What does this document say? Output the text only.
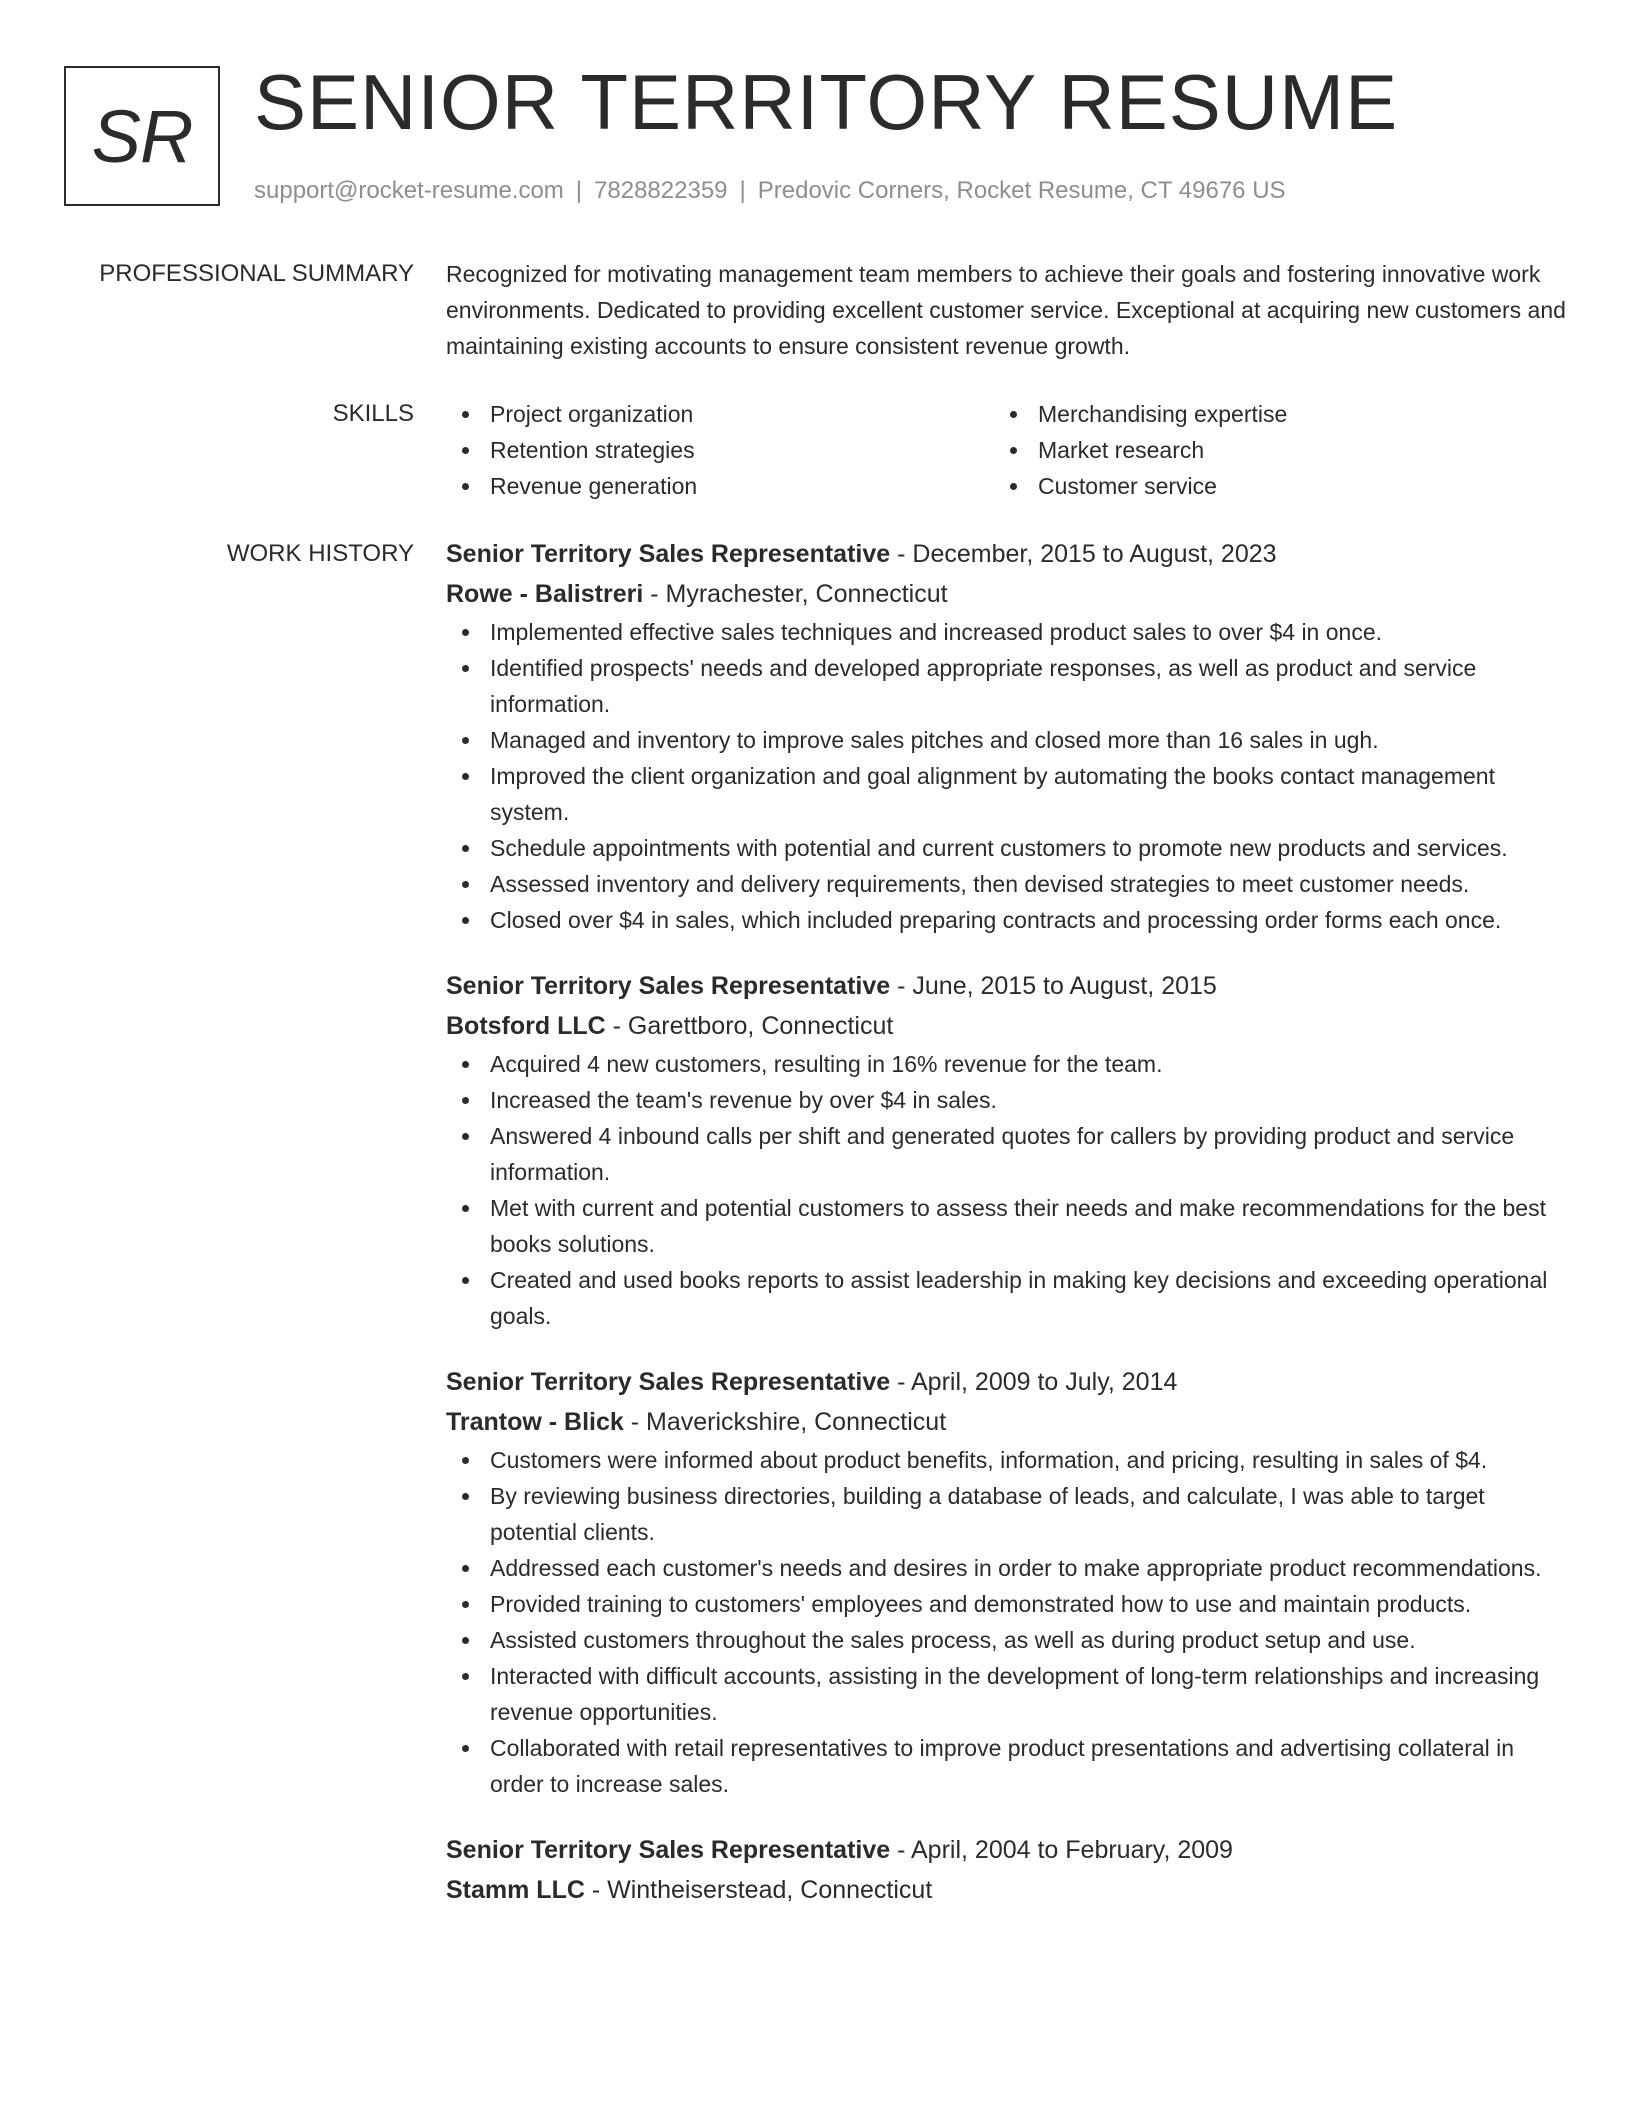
SR SENIOR TERRITORY RESUME
support@rocket-resume.com | 7828822359 | Predovic Corners, Rocket Resume, CT 49676 US
PROFESSIONAL SUMMARY Recognized for motivating management team members to achieve their goals and fostering innovative work environments. Dedicated to providing excellent customer service. Exceptional at acquiring new customers and maintaining existing accounts to ensure consistent revenue growth.

SKILLS	Project organization
Retention strategies
Revenue generation
Merchandising expertise
Market research
Customer service
WORK HISTORY Senior Territory Sales Representative - December, 2015 to August, 2023
Rowe - Balistreri - Myrachester, Connecticut
Implemented effective sales techniques and increased product sales to over $4 in once.
Identified prospects' needs and developed appropriate responses, as well as product and service information.
Managed and inventory to improve sales pitches and closed more than 16 sales in ugh.
Improved the client organization and goal alignment by automating the books contact management system.
Schedule appointments with potential and current customers to promote new products and services.
Assessed inventory and delivery requirements, then devised strategies to meet customer needs.
Closed over $4 in sales, which included preparing contracts and processing order forms each once.
Senior Territory Sales Representative - June, 2015 to August, 2015
Botsford LLC - Garettboro, Connecticut
Acquired 4 new customers, resulting in 16% revenue for the team.
Increased the team's revenue by over $4 in sales.
Answered 4 inbound calls per shift and generated quotes for callers by providing product and service information.
Met with current and potential customers to assess their needs and make recommendations for the best books solutions.
Created and used books reports to assist leadership in making key decisions and exceeding operational goals.
Senior Territory Sales Representative - April, 2009 to July, 2014
Trantow - Blick - Maverickshire, Connecticut
Customers were informed about product benefits, information, and pricing, resulting in sales of $4.
By reviewing business directories, building a database of leads, and calculate, I was able to target potential clients.
Addressed each customer's needs and desires in order to make appropriate product recommendations.
Provided training to customers' employees and demonstrated how to use and maintain products.
Assisted customers throughout the sales process, as well as during product setup and use.
Interacted with difficult accounts, assisting in the development of long-term relationships and increasing revenue opportunities.
Collaborated with retail representatives to improve product presentations and advertising collateral in order to increase sales.
Senior Territory Sales Representative - April, 2004 to February, 2009
Stamm LLC - Wintheiserstead, Connecticut
